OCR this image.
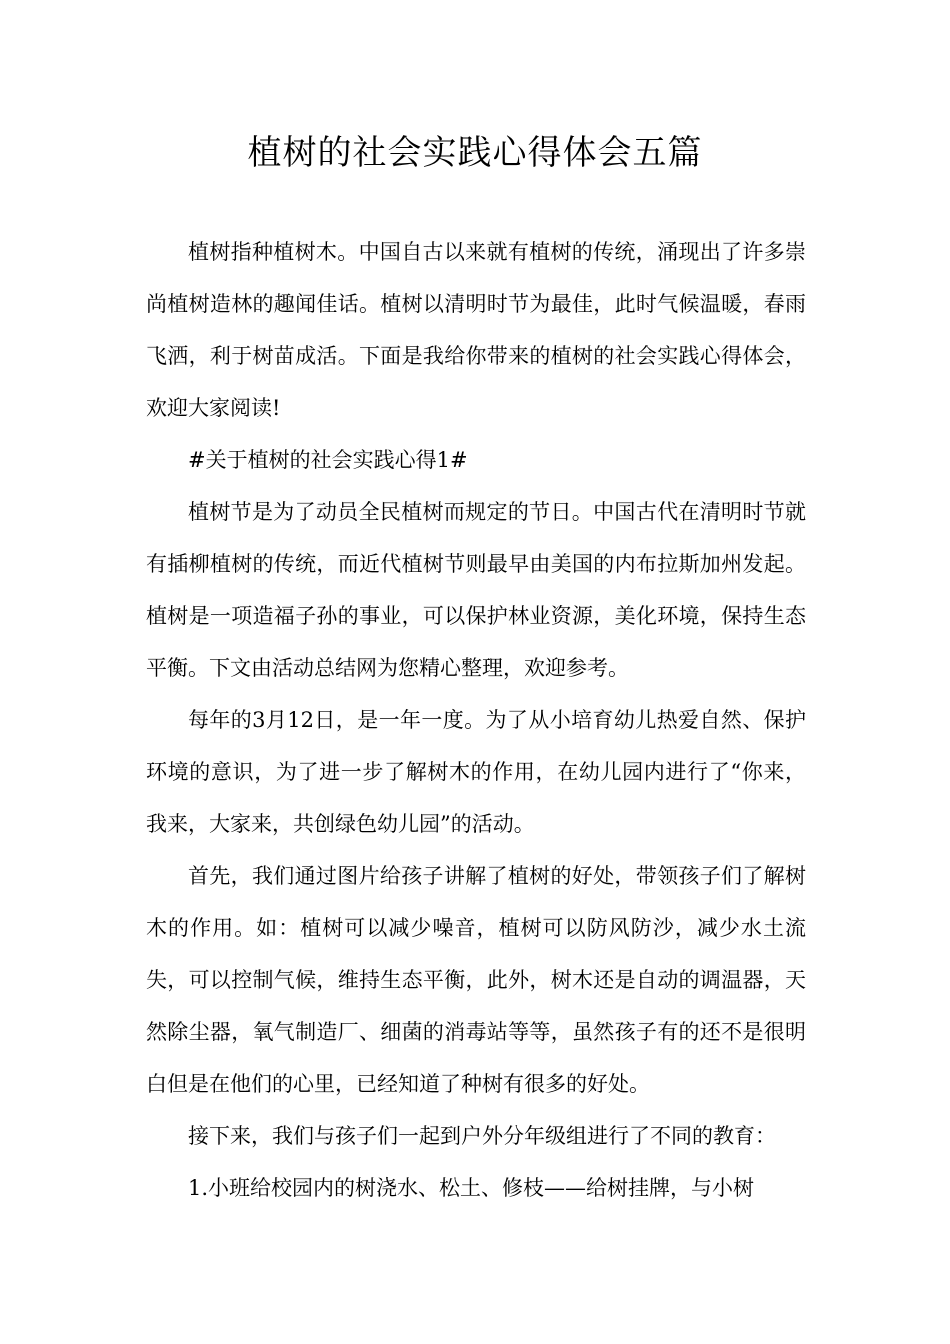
植树的社会实践心得体会五篇

植树指种植树木。中国自古以来就有植树的传统，涌现出了许多崇尚植树造林的趣闻佳话。植树以清明时节为最佳，此时气候温暖，春雨飞洒，利于树苗成活。下面是我给你带来的植树的社会实践心得体会，欢迎大家阅读!

#关于植树的社会实践心得1#

植树节是为了动员全民植树而规定的节日。中国古代在清明时节就有插柳植树的传统，而近代植树节则最早由美国的内布拉斯加州发起。植树是一项造福子孙的事业，可以保护林业资源，美化环境，保持生态平衡。下文由活动总结网为您精心整理，欢迎参考。

每年的3月12日，是一年一度。为了从小培育幼儿热爱自然、保护环境的意识，为了进一步了解树木的作用，在幼儿园内进行了“你来，我来，大家来，共创绿色幼儿园”的活动。

首先，我们通过图片给孩子讲解了植树的好处，带领孩子们了解树木的作用。如：植树可以减少噪音，植树可以防风防沙，减少水土流失，可以控制气候，维持生态平衡，此外，树木还是自动的调温器，天然除尘器，氧气制造厂、细菌的消毒站等等，虽然孩子有的还不是很明白但是在他们的心里，已经知道了种树有很多的好处。

接下来，我们与孩子们一起到户外分年级组进行了不同的教育：

1.小班给校园内的树浇水、松土、修枝——给树挂牌，与小树
